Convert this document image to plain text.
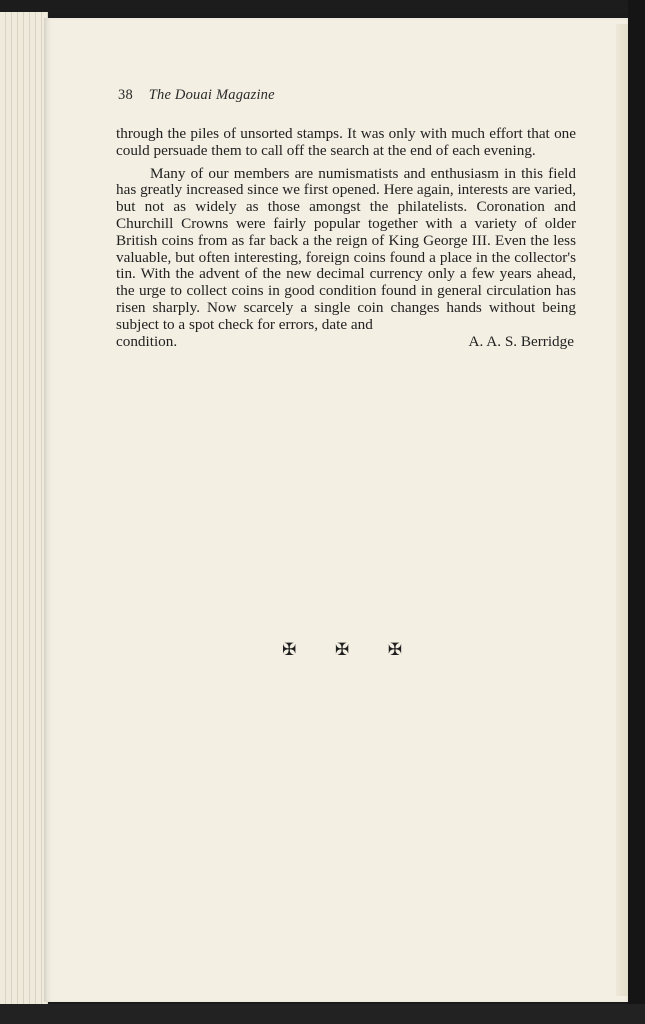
38 The Douai Magazine

through the piles of unsorted stamps. It was only with much effort that one could persuade them to call off the search at the end of each evening.

Many of our members are numismatists and enthusiasm in this field has greatly increased since we first opened. Here again, interests are varied, but not as widely as those amongst the philatelists. Coronation and Churchill Crowns were fairly popular together with a variety of older British coins from as far back a the reign of King George III. Even the less valuable, but often interesting, foreign coins found a place in the collector's tin. With the advent of the new decimal currency only a few years ahead, the urge to collect coins in good condition found in general circulation has risen sharply. Now scarcely a single coin changes hands without being subject to a spot check for errors, date and

condition.	A. A. S. Berridge
✠ ✠ ✠
